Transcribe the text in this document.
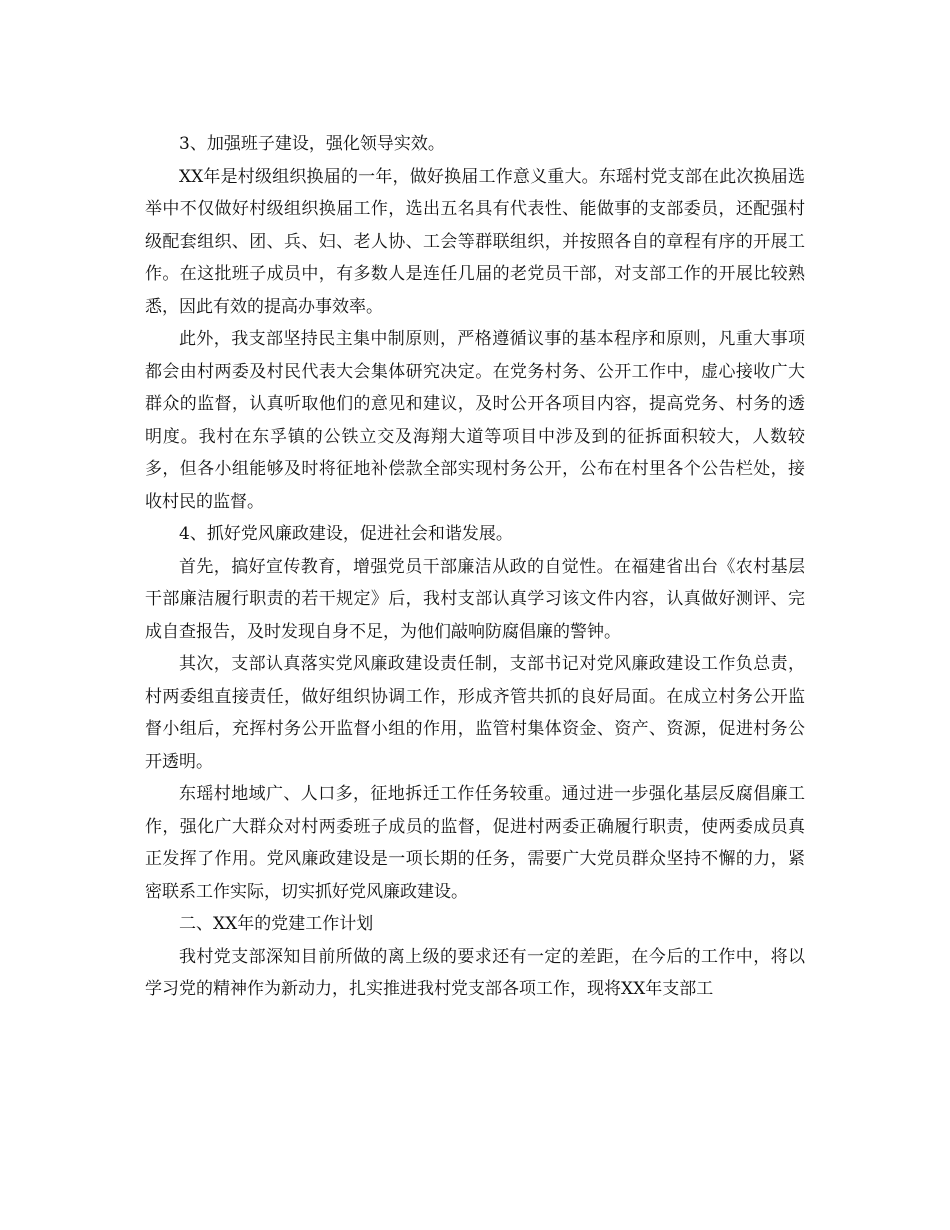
3、加强班子建设，强化领导实效。

XX年是村级组织换届的一年，做好换届工作意义重大。东瑶村党支部在此次换届选举中不仅做好村级组织换届工作，选出五名具有代表性、能做事的支部委员，还配强村级配套组织、团、兵、妇、老人协、工会等群联组织，并按照各自的章程有序的开展工作。在这批班子成员中，有多数人是连任几届的老党员干部，对支部工作的开展比较熟悉，因此有效的提高办事效率。

此外，我支部坚持民主集中制原则，严格遵循议事的基本程序和原则，凡重大事项都会由村两委及村民代表大会集体研究决定。在党务村务、公开工作中，虚心接收广大群众的监督，认真听取他们的意见和建议，及时公开各项目内容，提高党务、村务的透明度。我村在东孚镇的公铁立交及海翔大道等项目中涉及到的征拆面积较大，人数较多，但各小组能够及时将征地补偿款全部实现村务公开，公布在村里各个公告栏处，接收村民的监督。

4、抓好党风廉政建设，促进社会和谐发展。

首先，搞好宣传教育，增强党员干部廉洁从政的自觉性。在福建省出台《农村基层干部廉洁履行职责的若干规定》后，我村支部认真学习该文件内容，认真做好测评、完成自查报告，及时发现自身不足，为他们敲响防腐倡廉的警钟。

其次，支部认真落实党风廉政建设责任制，支部书记对党风廉政建设工作负总责，村两委组直接责任，做好组织协调工作，形成齐管共抓的良好局面。在成立村务公开监督小组后，充挥村务公开监督小组的作用，监管村集体资金、资产、资源，促进村务公开透明。

东瑶村地域广、人口多，征地拆迁工作任务较重。通过进一步强化基层反腐倡廉工作，强化广大群众对村两委班子成员的监督，促进村两委正确履行职责，使两委成员真正发挥了作用。党风廉政建设是一项长期的任务，需要广大党员群众坚持不懈的力，紧密联系工作实际，切实抓好党风廉政建设。

二、XX年的党建工作计划

我村党支部深知目前所做的离上级的要求还有一定的差距，在今后的工作中，将以学习党的精神作为新动力，扎实推进我村党支部各项工作，现将XX年支部工
